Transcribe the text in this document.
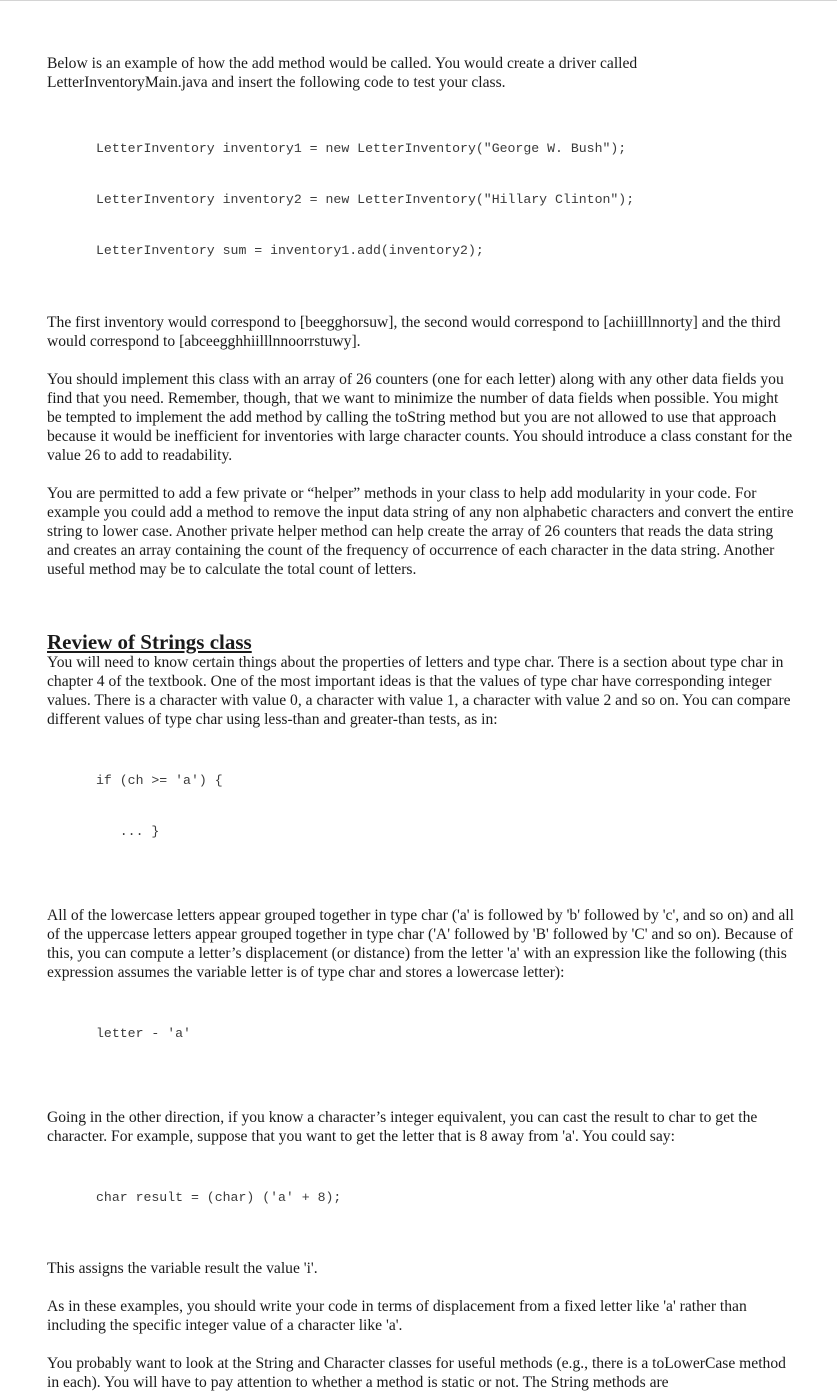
Below is an example of how the add method would be called. You would create a driver called LetterInventoryMain.java and insert the following code to test your class.

LetterInventory inventory1 = new LetterInventory("George W. Bush");

LetterInventory inventory2 = new LetterInventory("Hillary Clinton");

LetterInventory sum = inventory1.add(inventory2);

The first inventory would correspond to [beegghorsuw], the second would correspond to [achiilllnnorty] and the third would correspond to [abceegghhiilllnnoorrstuwy].

You should implement this class with an array of 26 counters (one for each letter) along with any other data fields you find that you need. Remember, though, that we want to minimize the number of data fields when possible. You might be tempted to implement the add method by calling the toString method but you are not allowed to use that approach because it would be inefficient for inventories with large character counts. You should introduce a class constant for the value 26 to add to readability.

You are permitted to add a few private or “helper” methods in your class to help add modularity in your code. For example you could add a method to remove the input data string of any non alphabetic characters and convert the entire string to lower case. Another private helper method can help create the array of 26 counters that reads the data string and creates an array containing the count of the frequency of occurrence of each character in the data string. Another useful method may be to calculate the total count of letters.

Review of Strings class

You will need to know certain things about the properties of letters and type char. There is a section about type char in chapter 4 of the textbook. One of the most important ideas is that the values of type char have corresponding integer values. There is a character with value 0, a character with value 1, a character with value 2 and so on. You can compare different values of type char using less-than and greater-than tests, as in:

if (ch >= 'a') {

... }

All of the lowercase letters appear grouped together in type char ('a' is followed by 'b' followed by 'c', and so on) and all of the uppercase letters appear grouped together in type char ('A' followed by 'B' followed by 'C' and so on). Because of this, you can compute a letter’s displacement (or distance) from the letter 'a' with an expression like the following (this expression assumes the variable letter is of type char and stores a lowercase letter):

letter - 'a'

Going in the other direction, if you know a character’s integer equivalent, you can cast the result to char to get the character. For example, suppose that you want to get the letter that is 8 away from 'a'. You could say:

char result = (char) ('a' + 8);

This assigns the variable result the value 'i'.

As in these examples, you should write your code in terms of displacement from a fixed letter like 'a' rather than including the specific integer value of a character like 'a'.

You probably want to look at the String and Character classes for useful methods (e.g., there is a toLowerCase method in each). You will have to pay attention to whether a method is static or not. The String methods are
